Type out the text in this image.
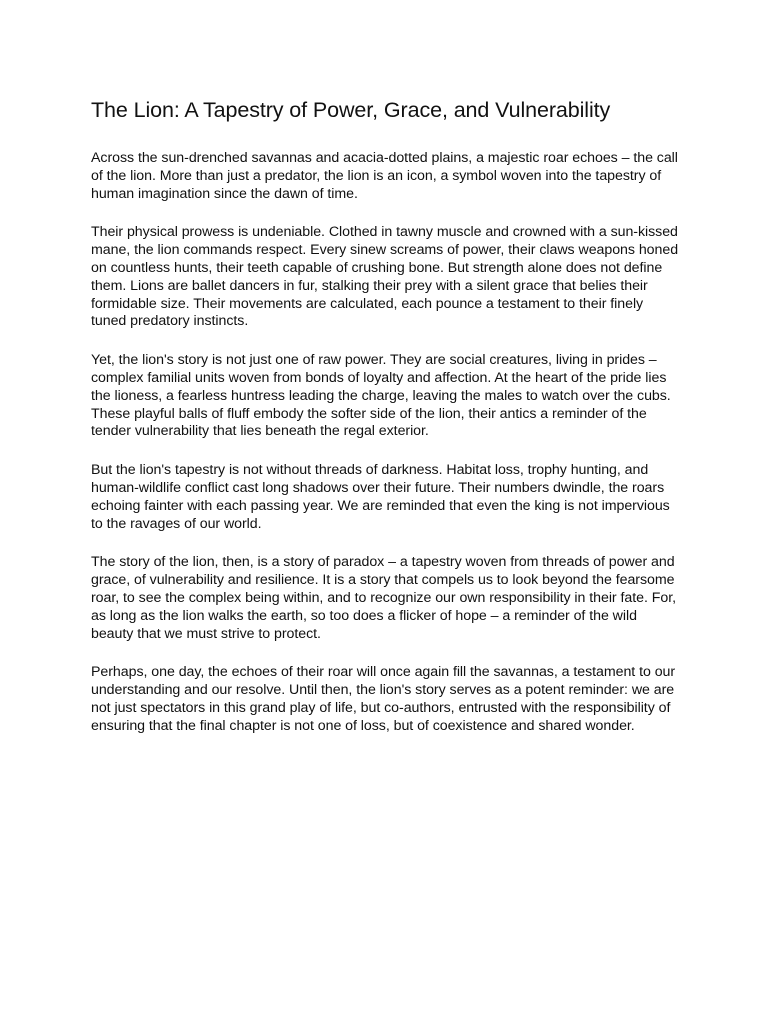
The Lion: A Tapestry of Power, Grace, and Vulnerability

Across the sun-drenched savannas and acacia-dotted plains, a majestic roar echoes – the call of the lion. More than just a predator, the lion is an icon, a symbol woven into the tapestry of human imagination since the dawn of time.

Their physical prowess is undeniable. Clothed in tawny muscle and crowned with a sun-kissed mane, the lion commands respect. Every sinew screams of power, their claws weapons honed on countless hunts, their teeth capable of crushing bone. But strength alone does not define them. Lions are ballet dancers in fur, stalking their prey with a silent grace that belies their formidable size. Their movements are calculated, each pounce a testament to their finely tuned predatory instincts.

Yet, the lion's story is not just one of raw power. They are social creatures, living in prides – complex familial units woven from bonds of loyalty and affection. At the heart of the pride lies the lioness, a fearless huntress leading the charge, leaving the males to watch over the cubs. These playful balls of fluff embody the softer side of the lion, their antics a reminder of the tender vulnerability that lies beneath the regal exterior.

But the lion's tapestry is not without threads of darkness. Habitat loss, trophy hunting, and human-wildlife conflict cast long shadows over their future. Their numbers dwindle, the roars echoing fainter with each passing year. We are reminded that even the king is not impervious to the ravages of our world.

The story of the lion, then, is a story of paradox – a tapestry woven from threads of power and grace, of vulnerability and resilience. It is a story that compels us to look beyond the fearsome roar, to see the complex being within, and to recognize our own responsibility in their fate. For, as long as the lion walks the earth, so too does a flicker of hope – a reminder of the wild beauty that we must strive to protect.

Perhaps, one day, the echoes of their roar will once again fill the savannas, a testament to our understanding and our resolve. Until then, the lion's story serves as a potent reminder: we are not just spectators in this grand play of life, but co-authors, entrusted with the responsibility of ensuring that the final chapter is not one of loss, but of coexistence and shared wonder.
